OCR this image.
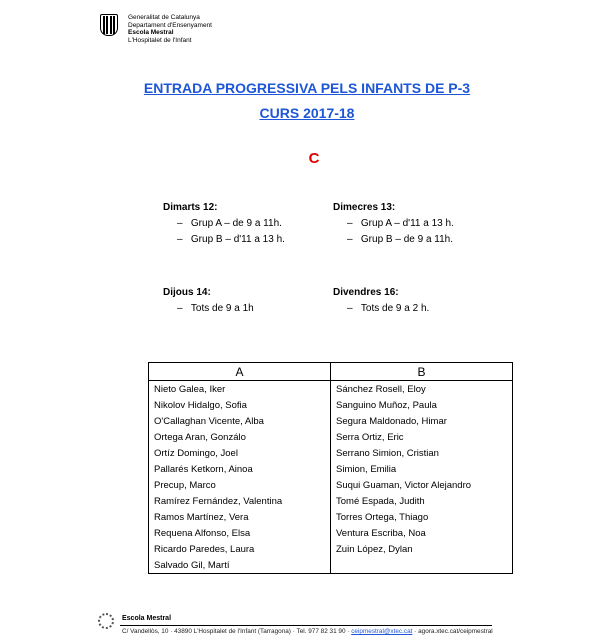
Generalitat de Catalunya
Departament d'Ensenyament
Escola Mestral
L'Hospitalet de l'Infant
ENTRADA PROGRESSIVA PELS INFANTS DE P-3
CURS 2017-18
C
Dimarts 12:
–   Grup A – de 9 a 11h.
–   Grup B – d'11 a 13 h.
Dimecres 13:
–   Grup A – d'11 a 13 h.
–   Grup B – de 9 a 11h.
Dijous 14:
–   Tots de 9 a 1h
Divendres 16:
–   Tots de 9 a 2 h.
A	B
Nieto Galea, Iker	Sánchez Rosell, Eloy
Nikolov Hidalgo, Sofia	Sanguino Muñoz, Paula
O'Callaghan Vicente, Alba	Segura Maldonado, Himar
Ortega Aran, Gonzálo	Serra Ortiz, Eric
Ortíz Domingo, Joel	Serrano Simion, Cristian
Pallarés Ketkorn, Ainoa	Simion, Emilia
Precup, Marco	Suqui Guaman, Victor Alejandro
Ramírez Fernández, Valentina	Tomé Espada, Judith
Ramos Martínez, Vera	Torres Ortega, Thiago
Requena Alfonso, Elsa	Ventura Escriba, Noa
Ricardo Paredes, Laura	Zuin López, Dylan
Salvado Gil, Martí	
Escola Mestral
C/ Vandellòs, 10 · 43890 L'Hospitalet de l'Infant (Tarragona) · Tel. 977 82 31 90 · ceipmestral@xtec.cat · agora.xtec.cat/ceipmestral
